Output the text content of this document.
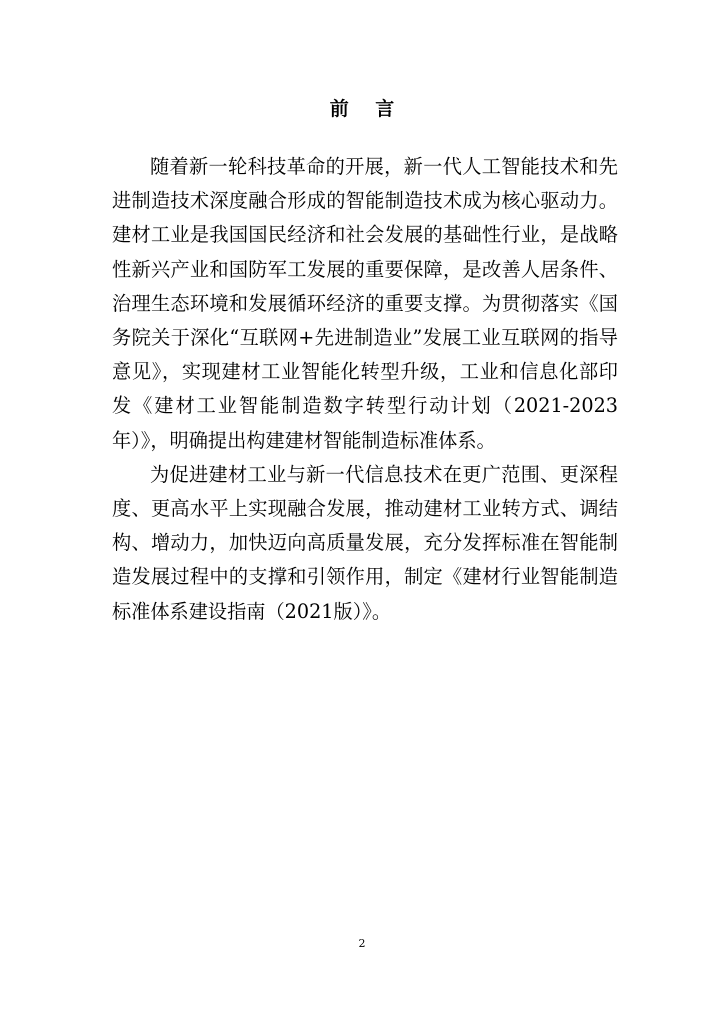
前 言

随着新一轮科技革命的开展，新一代人工智能技术和先进制造技术深度融合形成的智能制造技术成为核心驱动力。建材工业是我国国民经济和社会发展的基础性行业，是战略性新兴产业和国防军工发展的重要保障，是改善人居条件、治理生态环境和发展循环经济的重要支撑。为贯彻落实《国务院关于深化“互联网+先进制造业”发展工业互联网的指导意见》，实现建材工业智能化转型升级，工业和信息化部印发《建材工业智能制造数字转型行动计划（2021-2023年）》，明确提出构建建材智能制造标准体系。

为促进建材工业与新一代信息技术在更广范围、更深程度、更高水平上实现融合发展，推动建材工业转方式、调结构、增动力，加快迈向高质量发展，充分发挥标准在智能制造发展过程中的支撑和引领作用，制定《建材行业智能制造标准体系建设指南（2021版）》。

2
